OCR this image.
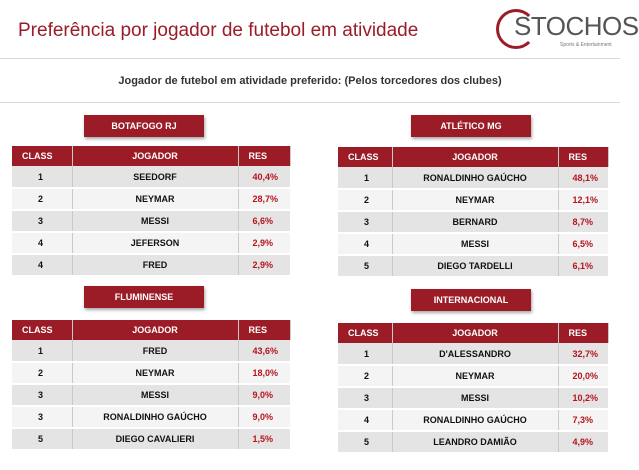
Preferência por jogador de futebol em atividade	STOCHOS
Sports & Entertainment
Jogador de futebol em atividade preferido: (Pelos torcedores dos clubes)
BOTAFOGO RJ
CLASS	JOGADOR	RES
1	SEEDORF	40,4%
2	NEYMAR	28,7%
3	MESSI	6,6%
4	JEFERSON	2,9%
4	FRED	2,9%
ATLÉTICO MG
CLASS	JOGADOR	RES
1	RONALDINHO GAÚCHO	48,1%
2	NEYMAR	12,1%
3	BERNARD	8,7%
4	MESSI	6,5%
5	DIEGO TARDELLI	6,1%
FLUMINENSE
CLASS	JOGADOR	RES
1	FRED	43,6%
2	NEYMAR	18,0%
3	MESSI	9,0%
3	RONALDINHO GAÚCHO	9,0%
5	DIEGO CAVALIERI	1,5%
INTERNACIONAL
CLASS	JOGADOR	RES
1	D'ALESSANDRO	32,7%
2	NEYMAR	20,0%
3	MESSI	10,2%
4	RONALDINHO GAÚCHO	7,3%
5	LEANDRO DAMIÃO	4,9%
